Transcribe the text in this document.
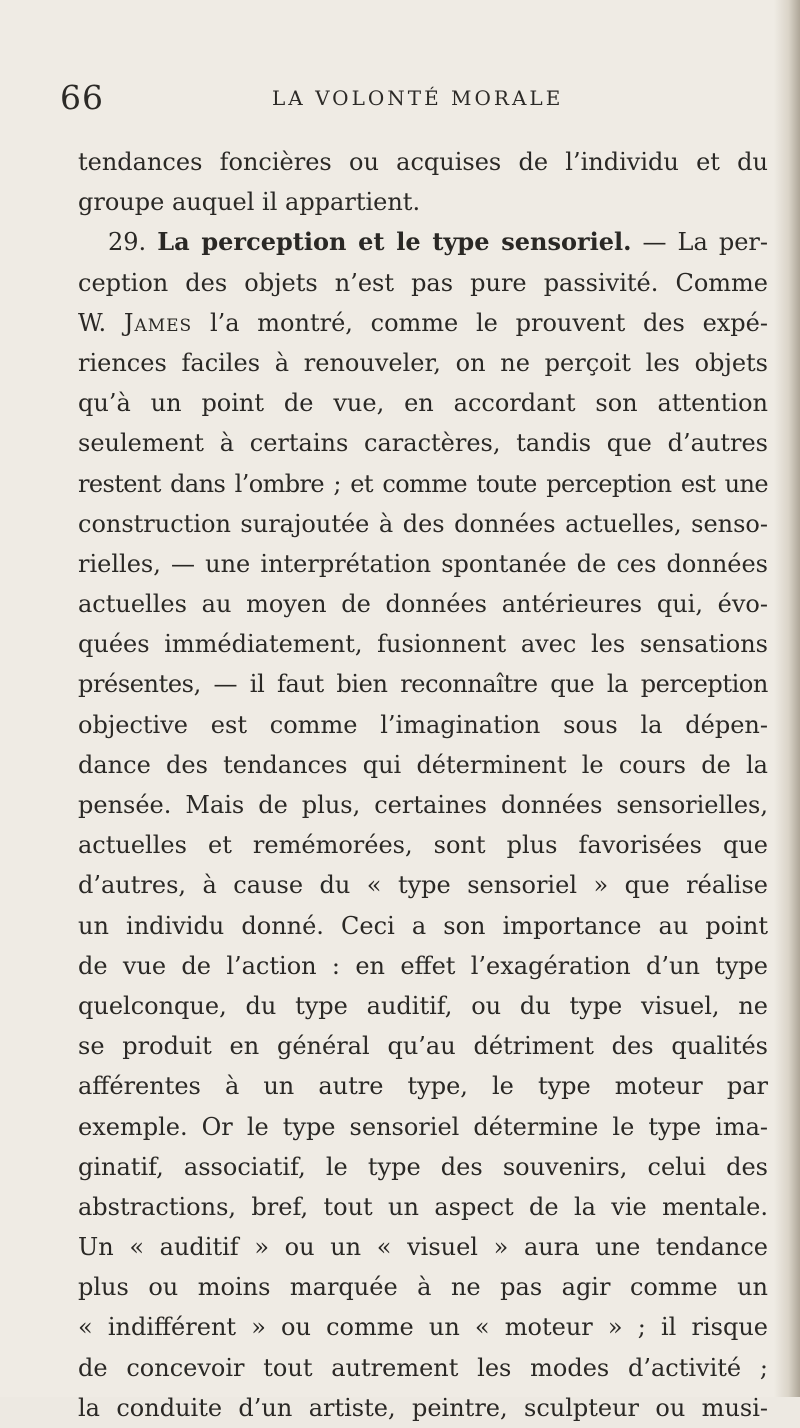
66	LA VOLONTÉ MORALE
tendances foncières ou acquises de l’individu et du
groupe auquel il appartient.
29. La perception et le type sensoriel. — La per-
ception des objets n’est pas pure passivité. Comme
W. James l’a montré, comme le prouvent des expé-
riences faciles à renouveler, on ne perçoit les objets
qu’à un point de vue, en accordant son attention
seulement à certains caractères, tandis que d’autres
restent dans l’ombre ; et comme toute perception est une
construction surajoutée à des données actuelles, senso-
rielles, — une interprétation spontanée de ces données
actuelles au moyen de données antérieures qui, évo-
quées immédiatement, fusionnent avec les sensations
présentes, — il faut bien reconnaître que la perception
objective est comme l’imagination sous la dépen-
dance des tendances qui déterminent le cours de la
pensée. Mais de plus, certaines données sensorielles,
actuelles et remémorées, sont plus favorisées que
d’autres, à cause du « type sensoriel » que réalise
un individu donné. Ceci a son importance au point
de vue de l’action : en effet l’exagération d’un type
quelconque, du type auditif, ou du type visuel, ne
se produit en général qu’au détriment des qualités
afférentes à un autre type, le type moteur par
exemple. Or le type sensoriel détermine le type ima-
ginatif, associatif, le type des souvenirs, celui des
abstractions, bref, tout un aspect de la vie mentale.
Un « auditif » ou un « visuel » aura une tendance
plus ou moins marquée à ne pas agir comme un
« indifférent » ou comme un « moteur » ; il risque
de concevoir tout autrement les modes d’activité ;
la conduite d’un artiste, peintre, sculpteur ou musi-
